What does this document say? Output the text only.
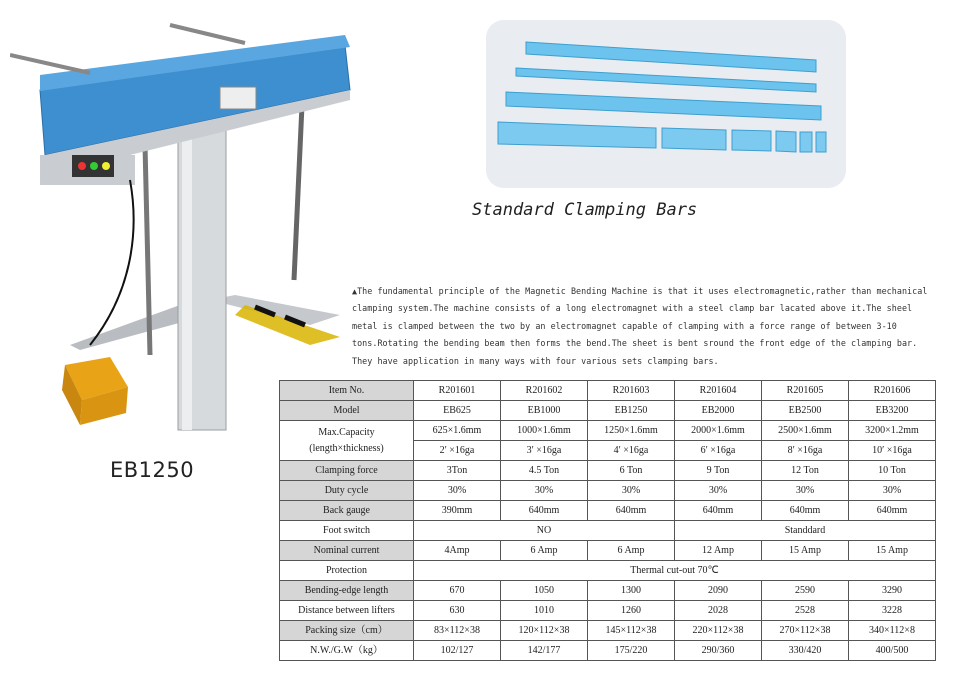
EB1250
Standard Clamping Bars
▲The fundamental principle of the Magnetic Bending Machine is that it uses electromagnetic,rather than mechanical clamping system.The machine consists of a long electromagnet with a steel clamp bar lacated above it.The sheel metal is clamped between the two by an electromagnet capable of clamping with a force range of between 3-10 tons.Rotating the bending beam then forms the bend.The sheet is bent sround the front edge of the clamping bar. They have application in many ways with four various sets clamping bars.
Item No.	R201601	R201602	R201603	R201604	R201605	R201606
Model	EB625	EB1000	EB1250	EB2000	EB2500	EB3200

Max.Capacity
(length×thickness)	625×1.6mm	1000×1.6mm	1250×1.6mm	2000×1.6mm	2500×1.6mm	3200×1.2mm
	2′ ×16ga	3′ ×16ga	4′ ×16ga	6′ ×16ga	8′ ×16ga	10′ ×16ga
Clamping force	3Ton	4.5 Ton	6 Ton	9 Ton	12 Ton	10 Ton
Duty cycle	30%	30%	30%	30%	30%	30%
Back gauge	390mm	640mm	640mm	640mm	640mm	640mm
Foot switch	NO			Standdard		
Nominal current	4Amp	6 Amp	6 Amp	12 Amp	15 Amp	15 Amp
Protection	Thermal cut-out 70℃					
Bending-edge length	670	1050	1300	2090	2590	3290
Distance between lifters	630	1010	1260	2028	2528	3228
Packing size（cm）	83×112×38	120×112×38	145×112×38	220×112×38	270×112×38	340×112×8
N.W./G.W（kg）	102/127	142/177	175/220	290/360	330/420	400/500
